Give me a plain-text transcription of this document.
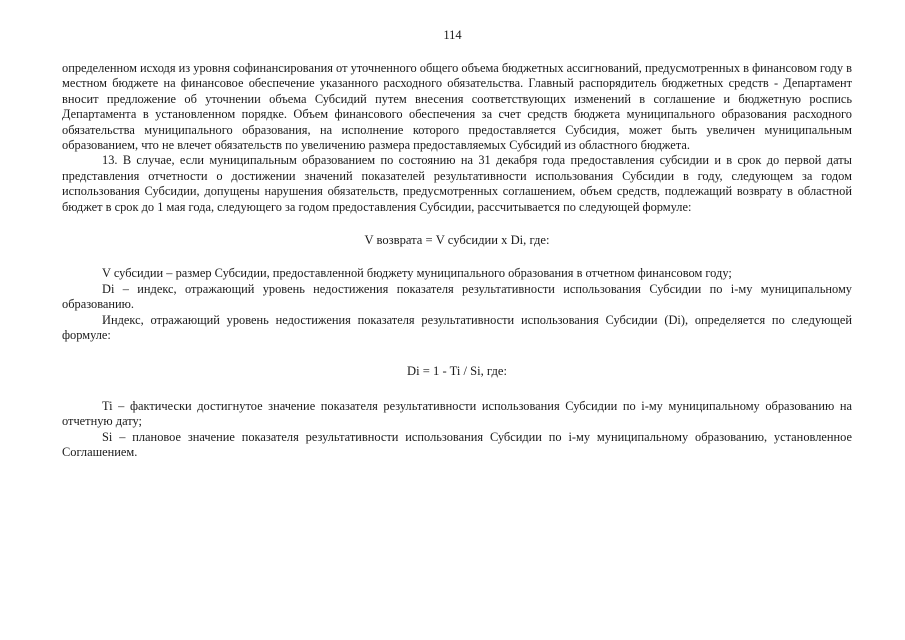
114

определенном исходя из уровня софинансирования от уточненного общего объема бюджетных ассигнований, предусмотренных в финансовом году в местном бюджете на финансовое обеспечение указанного расходного обязательства. Главный распорядитель бюджетных средств - Департамент вносит предложение об уточнении объема Субсидий путем внесения соответствующих изменений в соглашение и бюджетную роспись Департамента в установленном порядке. Объем финансового обеспечения за счет средств бюджета муниципального образования расходного обязательства муниципального образования, на исполнение которого предоставляется Субсидия, может быть увеличен муниципальным образованием, что не влечет обязательств по увеличению размера предоставляемых Субсидий из областного бюджета.

13. В случае, если муниципальным образованием по состоянию на 31 декабря года предоставления субсидии и в срок до первой даты представления отчетности о достижении значений показателей результативности использования Субсидии в году, следующем за годом использования Субсидии, допущены нарушения обязательств, предусмотренных соглашением, объем средств, подлежащий возврату в областной бюджет в срок до 1 мая года, следующего за годом предоставления Субсидии, рассчитывается по следующей формуле:

V возврата = V субсидии x Di, где:

V субсидии – размер Субсидии, предоставленной бюджету муниципального образования в отчетном финансовом году;

Di – индекс, отражающий уровень недостижения показателя результативности использования Субсидии по i-му муниципальному образованию.

Индекс, отражающий уровень недостижения показателя результативности использования Субсидии (Di), определяется по следующей формуле:

Di = 1 - Ti / Si, где:

Ti – фактически достигнутое значение показателя результативности использования Субсидии по i-му муниципальному образованию на отчетную дату;

Si – плановое значение показателя результативности использования Субсидии по i-му муниципальному образованию, установленное Соглашением.
